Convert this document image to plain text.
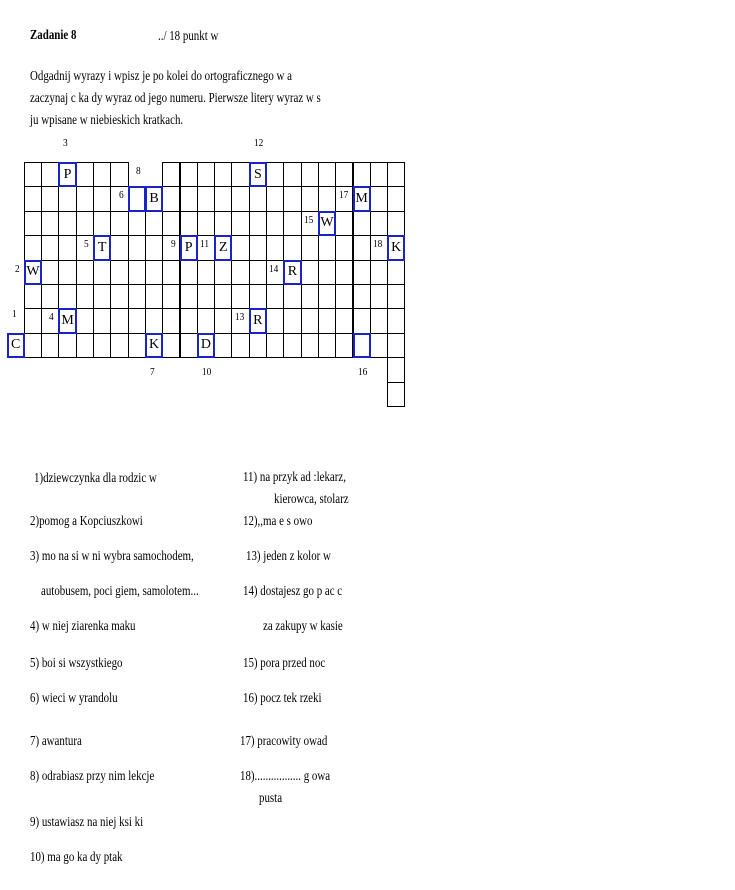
Zadanie 8	../ 18 punkt w
Odgadnij wyrazy i wpisz je po kolei do ortograficznego w a
zaczynaj c ka dy wyraz od jego numeru. Pierwsze litery wyraz w s
ju wpisane w niebieskich kratkach.
C
1
W
2
P
3
M
4
T
5
6
K
7
B
8
P
9
D
10
Z
11
S
12
R
13
R
14
W
15
16
M
17
K
18
1)dziewczynka dla rodzic w
2)pomog a Kopciuszkowi
3) mo na si w ni wybra samochodem,
autobusem, poci giem, samolotem...
4) w niej ziarenka maku
5) boi si wszystkiego
6) wieci w yrandolu
7) awantura
8) odrabiasz przy nim lekcje
9) ustawiasz na niej ksi ki
10) ma go ka dy ptak
11) na przyk ad :lekarz,
kierowca, stolarz
12),,ma e s owo
13) jeden z kolor w
14) dostajesz go p ac c
za zakupy w kasie
15) pora przed noc
16) pocz tek rzeki
17) pracowity owad
18)................. g owa
pusta
